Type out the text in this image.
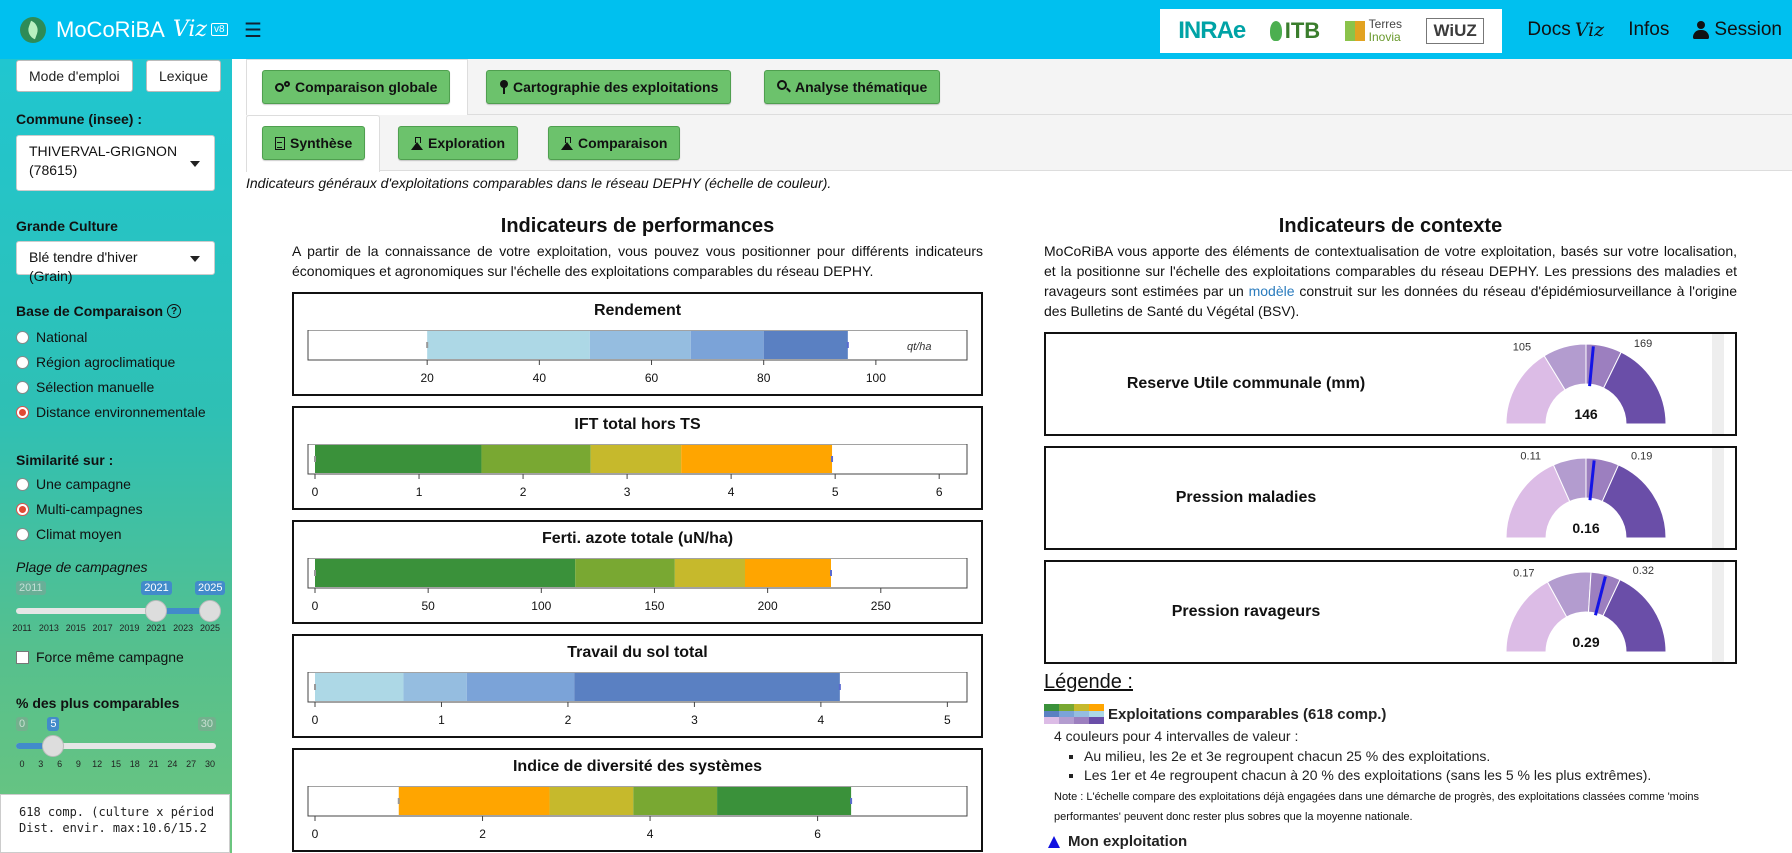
MoCoRiBA Viz v8 ☰	INRAe ITB	Terres
Inovia	WiUZ	Docs Viz Infos Session
Mode d'emploi	Lexique
Commune (insee) :
THIVERVAL-GRIGNON (78615)
Grande Culture
Blé tendre d'hiver (Grain)
Base de Comparaison ?
Similarité sur :
Plage de campagnes
2011	2021	2025
2011 2013 2015 2017 2019 2021 2023 2025
Force même campagne
% des plus comparables
0 5	30
0 3 6 9 12 15 18 21 24 27 30
National
Région agroclimatique
Sélection manuelle
Distance environnementale
Une campagne
Multi-campagnes
Climat moyen
618 comp. (culture x périod
Dist. envir. max:10.6/15.2
Comparaison globale	Cartographie des exploitations	Analyse thématique
Synthèse	Exploration	Comparaison
Indicateurs généraux d'exploitations comparables dans le réseau DEPHY (échelle de couleur).
Indicateurs de performances
A partir de la connaissance de votre exploitation, vous pouvez vous positionner pour différents indicateurs économiques et agronomiques sur l'échelle des exploitations comparables du réseau DEPHY.
Indicateurs de contexte
MoCoRiBA vous apporte des éléments de contextualisation de votre exploitation, basés sur votre localisation, et la positionne sur l'échelle des exploitations comparables du réseau DEPHY. Les pressions des maladies et ravageurs sont estimées par un modèle construit sur les données du réseau d'épidémiosurveillance à l'origine des Bulletins de Santé du Végétal (BSV).
Légende :
Exploitations comparables (618 comp.)
4 couleurs pour 4 intervalles de valeur :
▪ Au milieu, les 2e et 3e regroupent chacun 25 % des exploitations.
▪ Les 1er et 4e regroupent chacun à 20 % des exploitations (sans les 5 % les plus extrêmes).
Note : L'échelle compare des exploitations déjà engagées dans une démarche de progrès, des exploitations classées comme 'moins performantes' peuvent donc rester plus sobres que la moyenne nationale.
Mon exploitation
Rendement
qt/ha
20	40	60	80	100
IFT total hors TS
0	1	2	3	4	5	6
Ferti. azote totale (uN/ha)
0	50	100	150	200	250
Travail du sol total
0	1	2	3	4	5
Indice de diversité des systèmes
0	2	4	6
Reserve Utile communale (mm)
105	169
146
Pression maladies
0.11	0.19
0.16
Pression ravageurs
0.17	0.32
0.29
